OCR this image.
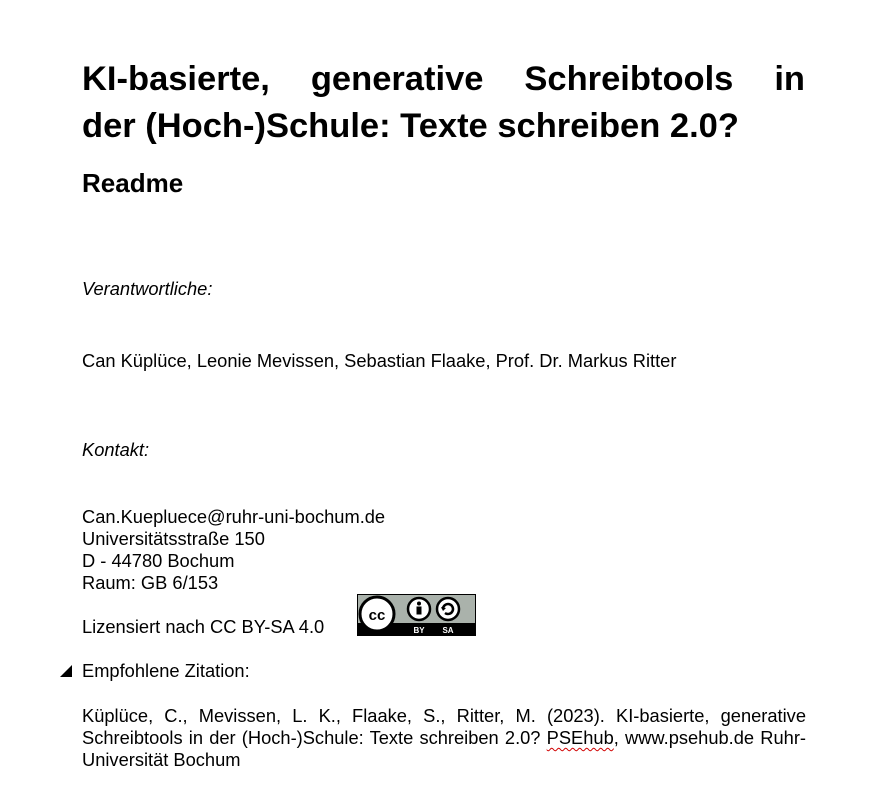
KI-basierte, generative Schreibtools in
der (Hoch-)Schule: Texte schreiben 2.0?
Readme
Verantwortliche:
Can Küplüce, Leonie Mevissen, Sebastian Flaake, Prof. Dr. Markus Ritter
Kontakt:
Can.Kuepluece@ruhr-uni-bochum.de
Universitätsstraße 150
D - 44780 Bochum
Raum: GB 6/153
Lizensiert nach CC BY-SA 4.0
cc
BY SA
Empfohlene Zitation:
Küplüce, C., Mevissen, L. K., Flaake, S., Ritter, M. (2023). KI-basierte, generative
Schreibtools in der (Hoch-)Schule: Texte schreiben 2.0? PSEhub, www.psehub.de Ruhr-
Universität Bochum
